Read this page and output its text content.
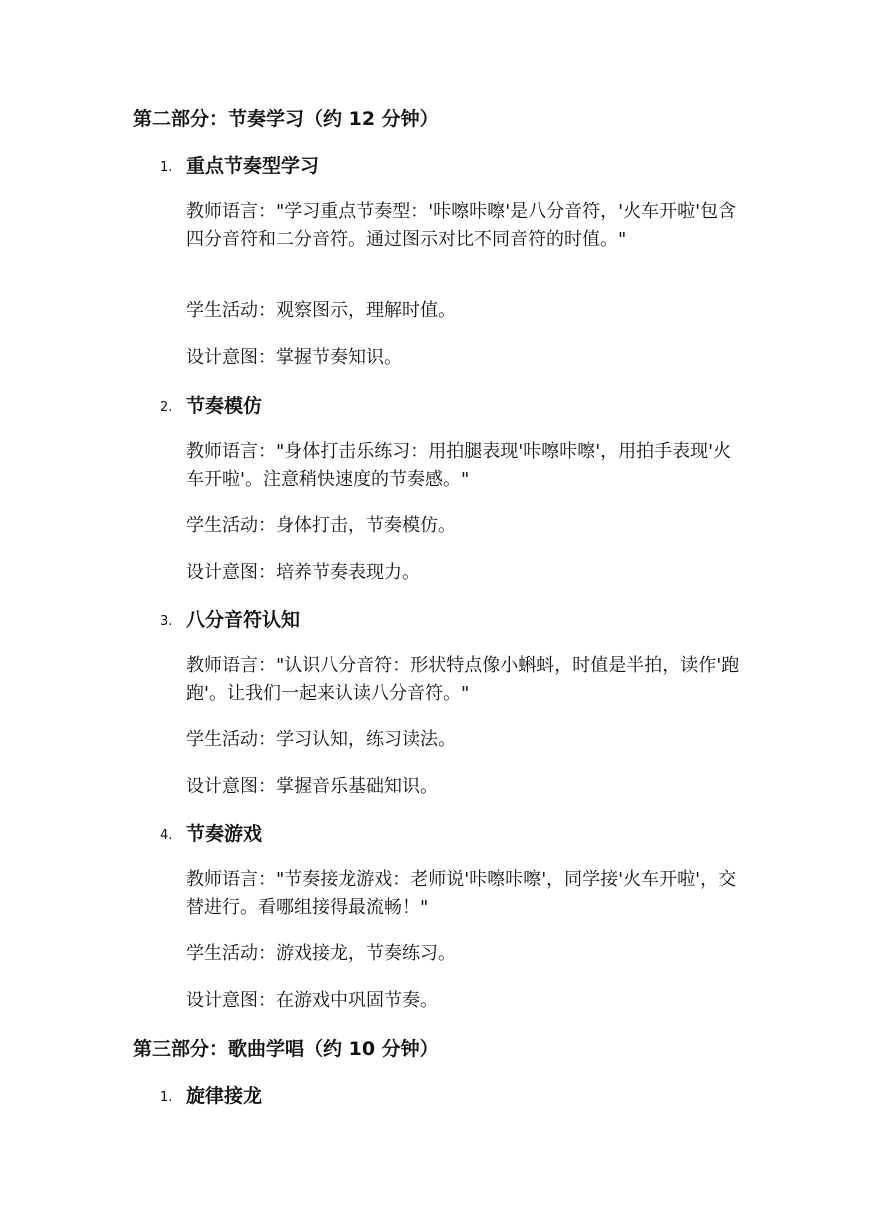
第二部分：节奏学习（约 12 分钟）
1. 重点节奏型学习
教师语言："学习重点节奏型：'咔嚓咔嚓'是八分音符，'火车开啦'包含四分音符和二分音符。通过图示对比不同音符的时值。"
学生活动：观察图示，理解时值。
设计意图：掌握节奏知识。
2. 节奏模仿
教师语言："身体打击乐练习：用拍腿表现'咔嚓咔嚓'，用拍手表现'火车开啦'。注意稍快速度的节奏感。"
学生活动：身体打击，节奏模仿。
设计意图：培养节奏表现力。
3. 八分音符认知
教师语言："认识八分音符：形状特点像小蝌蚪，时值是半拍，读作'跑跑'。让我们一起来认读八分音符。"
学生活动：学习认知，练习读法。
设计意图：掌握音乐基础知识。
4. 节奏游戏
教师语言："节奏接龙游戏：老师说'咔嚓咔嚓'，同学接'火车开啦'，交替进行。看哪组接得最流畅！"
学生活动：游戏接龙，节奏练习。
设计意图：在游戏中巩固节奏。
第三部分：歌曲学唱（约 10 分钟）
1. 旋律接龙
